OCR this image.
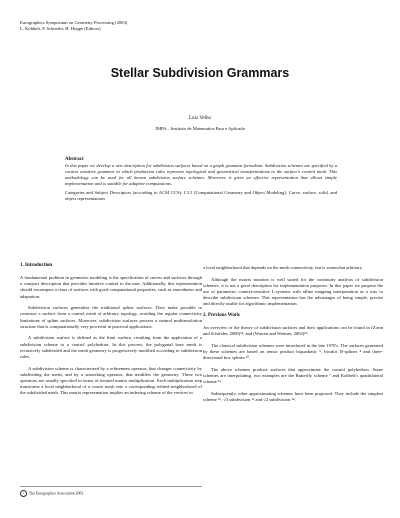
Eurographics Symposium on Geometry Processing (2003)
L. Kobbelt, P. Schröder, H. Hoppe (Editors)
Stellar Subdivision Grammars
Luiz Velho
IMPA – Instituto de Matematica Pura e Aplicada
Abstract
In this paper we develop a new description for subdivision surfaces based on a graph grammar formalism. Subdivision schemes are specified by a context sensitive grammar in which production rules represent topological and geometrical transformations to the surface's control mesh. This methodology can be used for all known subdivision surface schemes. Moreover, it gives an effective representation that allows simple implementation and is suitable for adaptive computations.
Categories and Subject Descriptors (according to ACM CCS): I.3.5 [Computational Geometry and Object Modeling]: Curve, surface, solid, and object representations
1. Introduction

A fundamental problem in geometric modeling is the specification of curves and surfaces through a compact description that provides intuitive control to the user. Additionally, this representation should encompass a class of surfaces with good computational properties, such as smoothness and adaptation.

Subdivision surfaces generalize the traditional spline surfaces. They make possible to construct a surface from a control mesh of arbitrary topology, avoiding the regular connectivity limitations of spline surfaces. Moreover, subdivision surfaces possess a natural multiresolution structure that is computationally very powerful in practical applications.

A subdivision surface is defined as the limit surface, resulting from the application of a subdivision scheme to a control polyhedron. In this process, the polygonal base mesh is recursively subdivided and the mesh geometry is progressively modified according to subdivision rules.

A subdivision scheme is characterized by a refinement operator, that changes connectivity by subdividing the mesh, and by a smoothing operator, that modifies the geometry. These two operators are usually specified in terms of iterated matrix multiplication. Each multiplication step transforms a local neighborhood of a coarse mesh into a corresponding refined neighborhood of the subdivided mesh. This matrix representation implies an indexing scheme of the vertices in

c The Eurographics Association 2003.

a local neighborhood that depends on the mesh connectivity, but is somewhat arbitrary.

Although the matrix notation is well suited for the continuity analysis of subdivision schemes, it is not a good description for implementation purposes. In this paper we propose the use of parametric context-sensitive L-systems with affine mapping interpretation as a way to describe subdivision schemes. This representation has the advantages of being simple, precise and directly usable for algorithmic implementation.

2. Previous Work

An overview of the theory of subdivision surfaces and their applications can be found in (Zorin and Schröder, 2000)¹⁸, and (Warren and Weimer, 2002)¹⁵.

The classical subdivision schemes were introduced in the late 1970's. The surfaces generated by these schemes are based on tensor product biquadratic ⁵, bicubic B-splines ⁴ and three-directional box splines ¹⁰.

The above schemes produce surfaces that approximate the control polyhedron. Some schemes are interpolating, two examples are the Butterfly scheme ⁷ and Kobbelt's quadrilateral scheme ¹².

Subsequently, other approximating schemes have been proposed. They include the simplest scheme ¹⁶, √3 subdivision ¹¹ and √2 subdivision ¹⁴.
